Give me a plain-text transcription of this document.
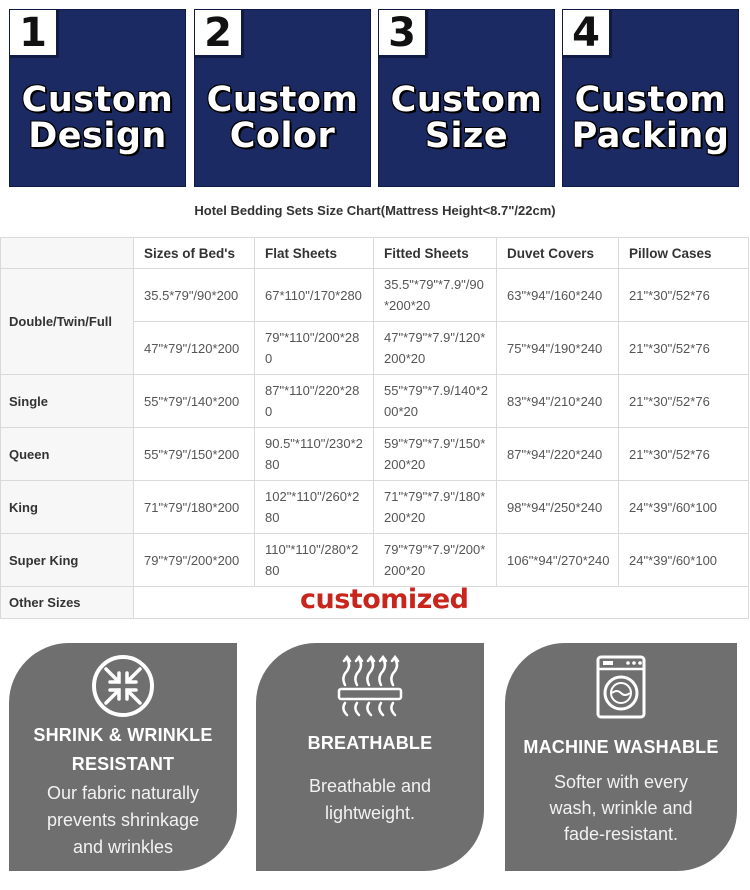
1
Custom
Design
2
Custom
Color
3
Custom
Size
4
Custom
Packing
Hotel Bedding Sets Size Chart(Mattress Height<8.7"/22cm)
	Sizes of Bed's	Flat Sheets	Fitted Sheets	Duvet Covers	Pillow Cases
Double/Twin/Full	35.5*79"/90*200	67*110"/170*280	35.5"*79"*7.9"/90*200*20	63"*94"/160*240	21"*30"/52*76
	47"*79"/120*200	79"*110"/200*280	47"*79"*7.9"/120*200*20	75"*94"/190*240	21"*30"/52*76
Single	55"*79"/140*200	87"*110"/220*280	55"*79"*7.9/140*200*20	83"*94"/210*240	21"*30"/52*76
Queen	55"*79"/150*200	90.5"*110"/230*280	59"*79"*7.9"/150*200*20	87"*94"/220*240	21"*30"/52*76
King	71"*79"/180*200	102"*110"/260*280	71"*79"*7.9"/180*200*20	98"*94"/250*240	24"*39"/60*100
Super King	79"*79"/200*200	110"*110"/280*280	79"*79"*7.9"/200*200*20	106"*94"/270*240	24"*39"/60*100
Other Sizes						customized
SHRINK & WRINKLE
RESISTANT
Our fabric naturally
prevents shrinkage
and wrinkles
BREATHABLE
Breathable and
lightweight.
MACHINE WASHABLE
Softer with every
wash, wrinkle and
fade-resistant.
